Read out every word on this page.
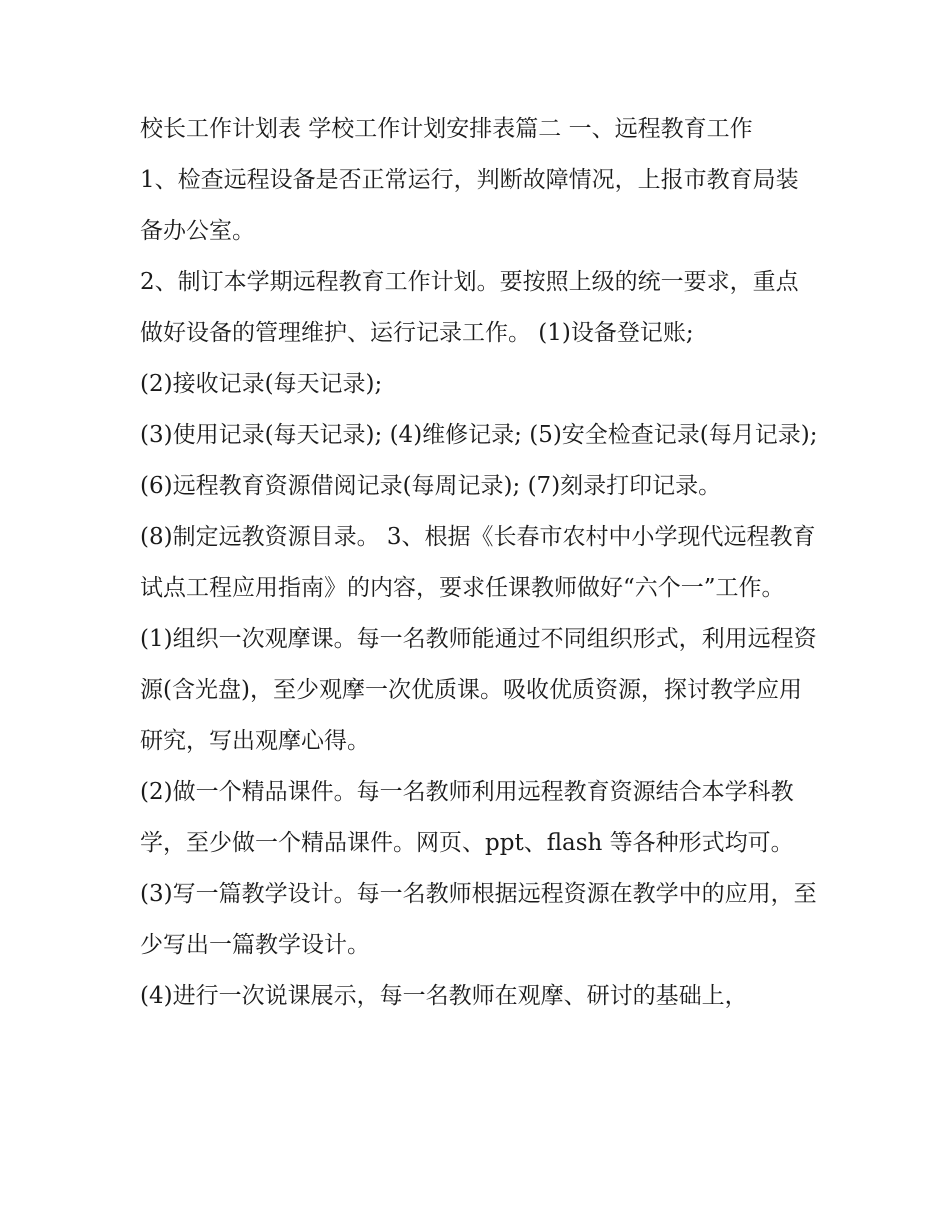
校长工作计划表 学校工作计划安排表篇二 一、远程教育工作

1、检查远程设备是否正常运行，判断故障情况，上报市教育局装备办公室。

2、制订本学期远程教育工作计划。要按照上级的统一要求，重点做好设备的管理维护、运行记录工作。 (1)设备登记账;

(2)接收记录(每天记录);

(3)使用记录(每天记录); (4)维修记录; (5)安全检查记录(每月记录); (6)远程教育资源借阅记录(每周记录); (7)刻录打印记录。

(8)制定远教资源目录。 3、根据《长春市农村中小学现代远程教育试点工程应用指南》的内容，要求任课教师做好“六个一”工作。

(1)组织一次观摩课。每一名教师能通过不同组织形式，利用远程资源(含光盘)，至少观摩一次优质课。吸收优质资源，探讨教学应用研究，写出观摩心得。

(2)做一个精品课件。每一名教师利用远程教育资源结合本学科教学，至少做一个精品课件。网页、ppt、flash 等各种形式均可。

(3)写一篇教学设计。每一名教师根据远程资源在教学中的应用，至少写出一篇教学设计。

(4)进行一次说课展示，每一名教师在观摩、研讨的基础上，
